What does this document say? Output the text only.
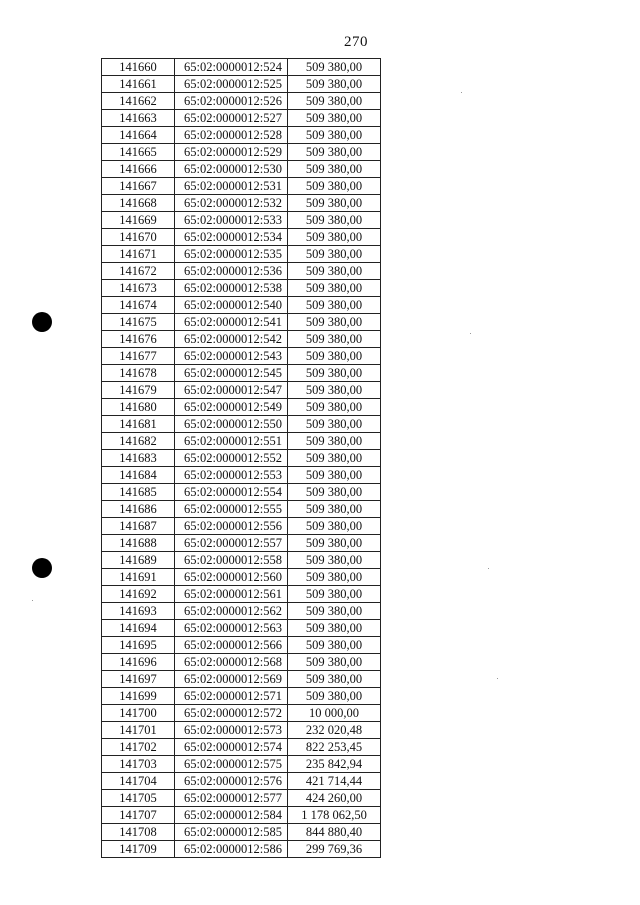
270
141660	65:02:0000012:524	509 380,00
141661	65:02:0000012:525	509 380,00
141662	65:02:0000012:526	509 380,00
141663	65:02:0000012:527	509 380,00
141664	65:02:0000012:528	509 380,00
141665	65:02:0000012:529	509 380,00
141666	65:02:0000012:530	509 380,00
141667	65:02:0000012:531	509 380,00
141668	65:02:0000012:532	509 380,00
141669	65:02:0000012:533	509 380,00
141670	65:02:0000012:534	509 380,00
141671	65:02:0000012:535	509 380,00
141672	65:02:0000012:536	509 380,00
141673	65:02:0000012:538	509 380,00
141674	65:02:0000012:540	509 380,00
141675	65:02:0000012:541	509 380,00
141676	65:02:0000012:542	509 380,00
141677	65:02:0000012:543	509 380,00
141678	65:02:0000012:545	509 380,00
141679	65:02:0000012:547	509 380,00
141680	65:02:0000012:549	509 380,00
141681	65:02:0000012:550	509 380,00
141682	65:02:0000012:551	509 380,00
141683	65:02:0000012:552	509 380,00
141684	65:02:0000012:553	509 380,00
141685	65:02:0000012:554	509 380,00
141686	65:02:0000012:555	509 380,00
141687	65:02:0000012:556	509 380,00
141688	65:02:0000012:557	509 380,00
141689	65:02:0000012:558	509 380,00
141691	65:02:0000012:560	509 380,00
141692	65:02:0000012:561	509 380,00
141693	65:02:0000012:562	509 380,00
141694	65:02:0000012:563	509 380,00
141695	65:02:0000012:566	509 380,00
141696	65:02:0000012:568	509 380,00
141697	65:02:0000012:569	509 380,00
141699	65:02:0000012:571	509 380,00
141700	65:02:0000012:572	10 000,00
141701	65:02:0000012:573	232 020,48
141702	65:02:0000012:574	822 253,45
141703	65:02:0000012:575	235 842,94
141704	65:02:0000012:576	421 714,44
141705	65:02:0000012:577	424 260,00
141707	65:02:0000012:584	1 178 062,50
141708	65:02:0000012:585	844 880,40
141709	65:02:0000012:586	299 769,36
